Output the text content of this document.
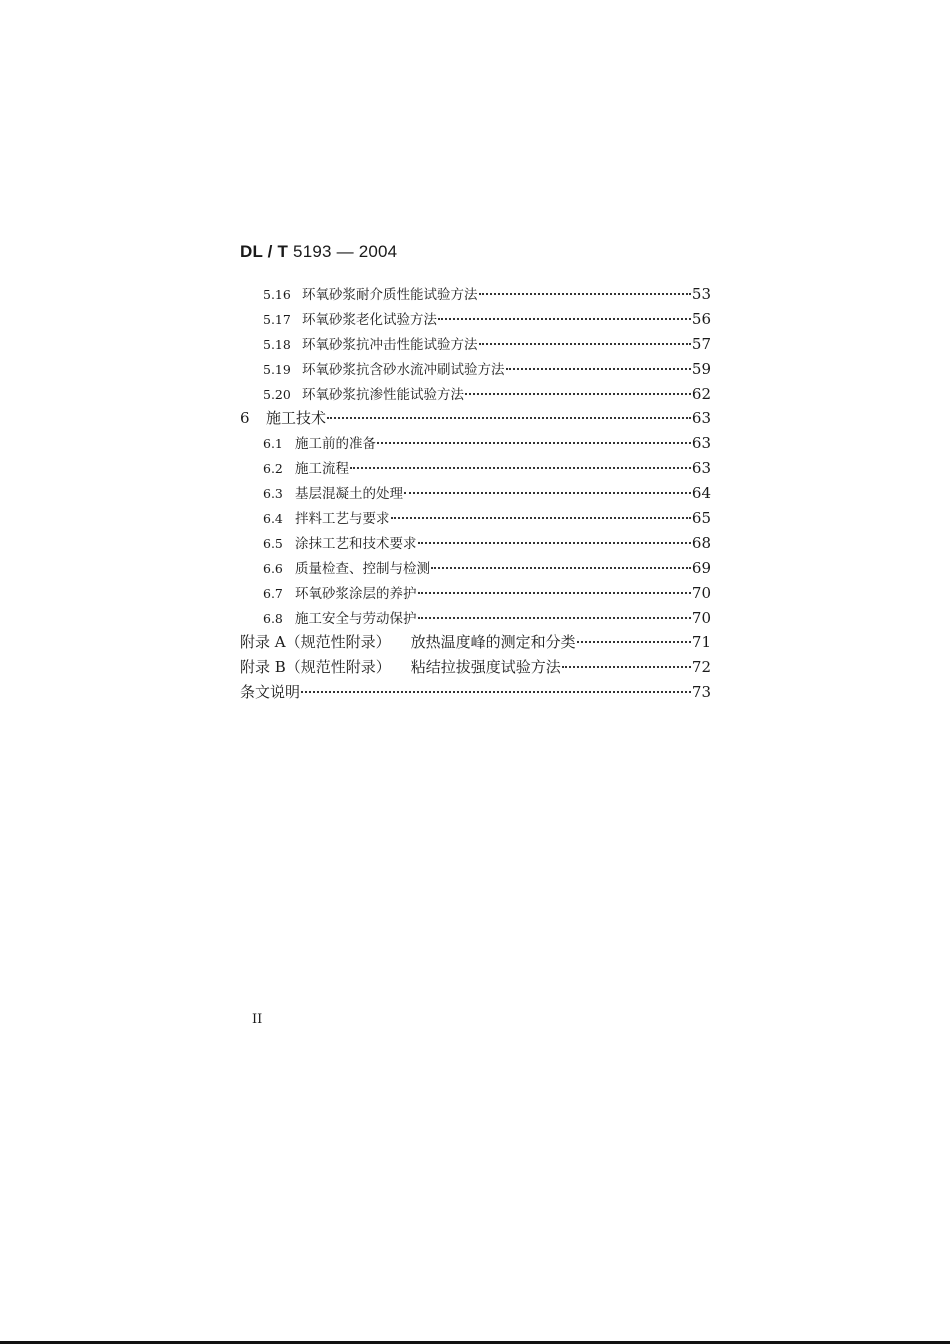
DL / T 5193 — 2004
5.16 环氧砂浆耐介质性能试验方法	53
5.17 环氧砂浆老化试验方法	56
5.18 环氧砂浆抗冲击性能试验方法	57
5.19 环氧砂浆抗含砂水流冲刷试验方法	59
5.20 环氧砂浆抗渗性能试验方法	62
6	施工技术	63
6.1 施工前的准备	63
6.2 施工流程	63
6.3 基层混凝土的处理	64
6.4 拌料工艺与要求	65
6.5 涂抹工艺和技术要求	68
6.6 质量检查、控制与检测	69
6.7 环氧砂浆涂层的养护	70
6.8 施工安全与劳动保护	70
附录 A（规范性附录） 放热温度峰的测定和分类	71
附录 B（规范性附录） 粘结拉拔强度试验方法	72
条文说明	73
II
